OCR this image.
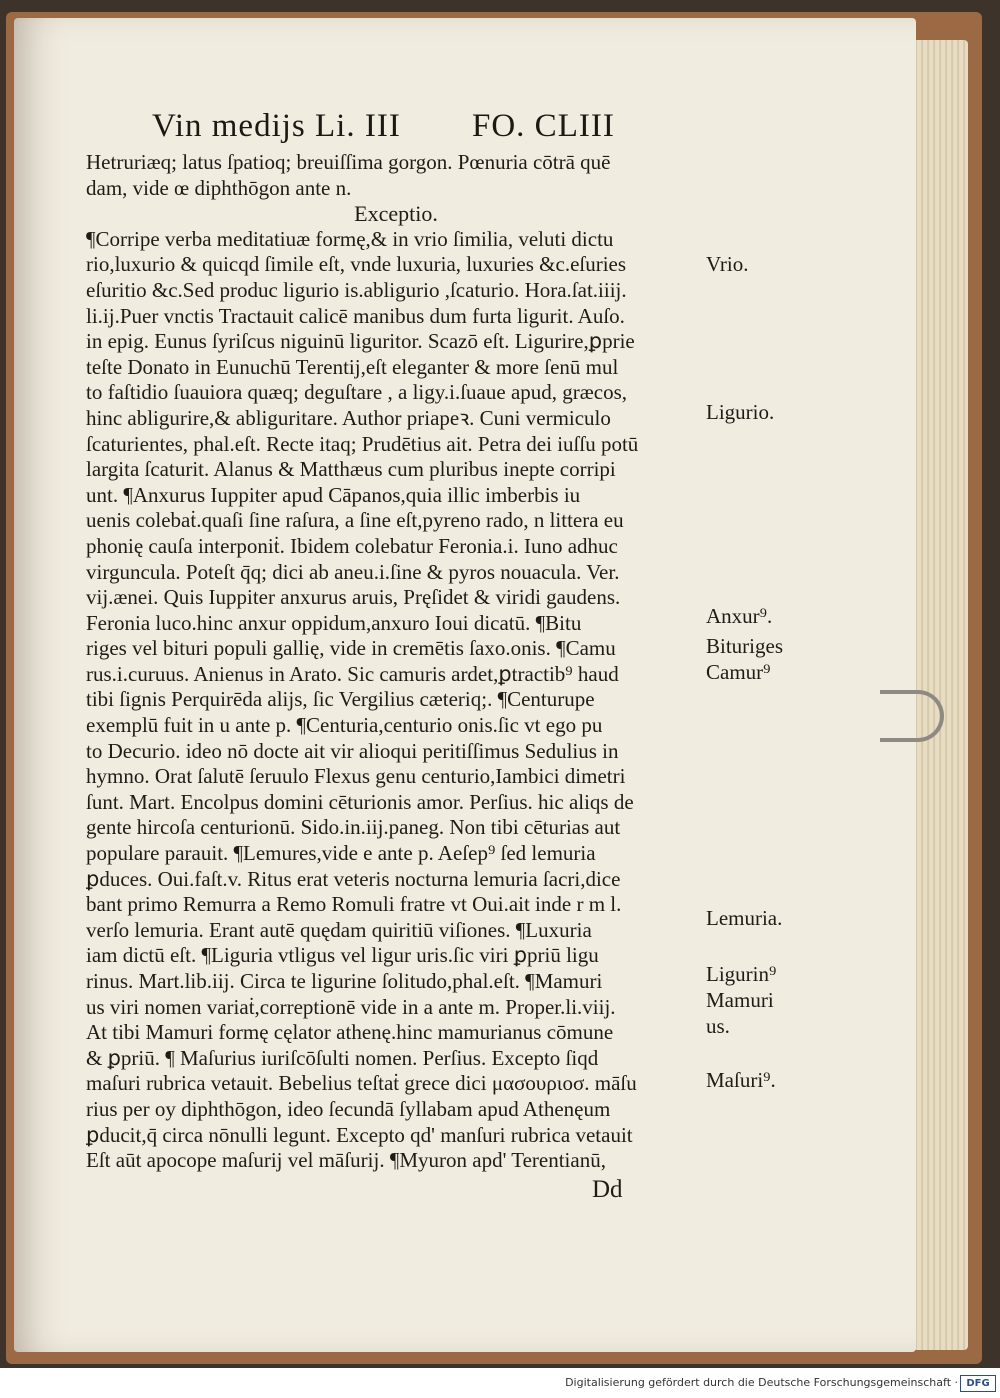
Vin medijs Li. III FO. CLIII
Hetruriæq; latus ſpatioq; breuiſſima gorgon. Pœnuria cōtrā quē
dam, vide œ diphthōgon ante n.
Exceptio.
¶Corripe verba meditatiuæ formę,& in vrio ſimilia, veluti dictu
rio,luxurio & quicqd ſimile eſt, vnde luxuria, luxuries &c.eſuries
eſuritio &c.Sed produc ligurio is.abligurio ,ſcaturio. Hora.ſat.iiij.
li.ij.Puer vnctis Tractauit calicē manibus dum furta ligurit. Auſo.
in epig. Eunus ſyriſcus niguinū liguritor. Scazō eſt. Ligurire,ꝑprie
teſte Donato in Eunuchū Terentij,eſt eleganter & more ſenū mul
to faſtidio ſuauiora quæq; deguſtare , a ligy.i.ſuaue apud, græcos,
hinc abligurire,& abliguritare. Author priapeꝛ. Cuni vermiculo
ſcaturientes, phal.eſt. Recte itaq; Prudētius ait. Petra dei iuſſu potū
largita ſcaturit. Alanus & Matthæus cum pluribus inepte corripi
unt. ¶Anxurus Iuppiter apud Cāpanos,quia illic imberbis iu
uenis colebaṫ.quaſi ſine raſura, a ſine eſt,pyreno rado, n littera eu
phonię cauſa interponiṫ. Ibidem colebatur Feronia.i. Iuno adhuc
virguncula. Poteſt q̄q; dici ab aneu.i.ſine & pyros nouacula. Ver.
vij.ænei. Quis Iuppiter anxurus aruis, Pręſidet & viridi gaudens.
Feronia luco.hinc anxur oppidum,anxuro Ioui dicatū. ¶Bitu
riges vel bituri populi gallię, vide in cremētis ſaxo.onis. ¶Camu
rus.i.curuus. Anienus in Arato. Sic camuris ardet,ꝑtractib⁹ haud
tibi ſignis Perquirēda alijs, ſic Vergilius cæteriq;. ¶Centurupe
exemplū fuit in u ante p. ¶Centuria,centurio onis.ſic vt ego pu
to Decurio. ideo nō docte ait vir alioqui peritiſſimus Sedulius in
hymno. Orat ſalutē ſeruulo Flexus genu centurio,Iambici dimetri
ſunt. Mart. Encolpus domini cēturionis amor. Perſius. hic aliqs de
gente hircoſa centurionū. Sido.in.iij.paneg. Non tibi cēturias aut
populare parauit. ¶Lemures,vide e ante p. Aeſep⁹ ſed lemuria
ꝑduces. Oui.faſt.v. Ritus erat veteris nocturna lemuria ſacri,dice
bant primo Remurra a Remo Romuli fratre vt Oui.ait inde r m l.
verſo lemuria. Erant autē quędam quiritiū viſiones. ¶Luxuria
iam dictū eſt. ¶Liguria vtligus vel ligur uris.ſic viri ꝑpriū ligu
rinus. Mart.lib.iij. Circa te ligurine ſolitudo,phal.eſt. ¶Mamuri
us viri nomen variaṫ,correptionē vide in a ante m. Proper.li.viij.
At tibi Mamuri formę cęlator athenę.hinc mamurianus cōmune
& ꝑpriū. ¶ Maſurius iuriſcōſulti nomen. Perſius. Excepto ſiqd
maſuri rubrica vetauit. Bebelius teſtaṫ grece dici μασουριοσ. māſu
rius per oy diphthōgon, ideo ſecundā ſyllabam apud Athenęum
ꝑducit,q̄ circa nōnulli legunt. Excepto qd' manſuri rubrica vetauit
Eſt aūt apocope maſurij vel māſurij. ¶Myuron apd' Terentianū,
Vrio.
Ligurio.
Anxur⁹.
Bituriges
Camur⁹
Lemuria.
Ligurin⁹
Mamuri
us.
Maſuri⁹.
Dd
Digitalisierung gefördert durch die Deutsche Forschungsgemeinschaft · DFG
